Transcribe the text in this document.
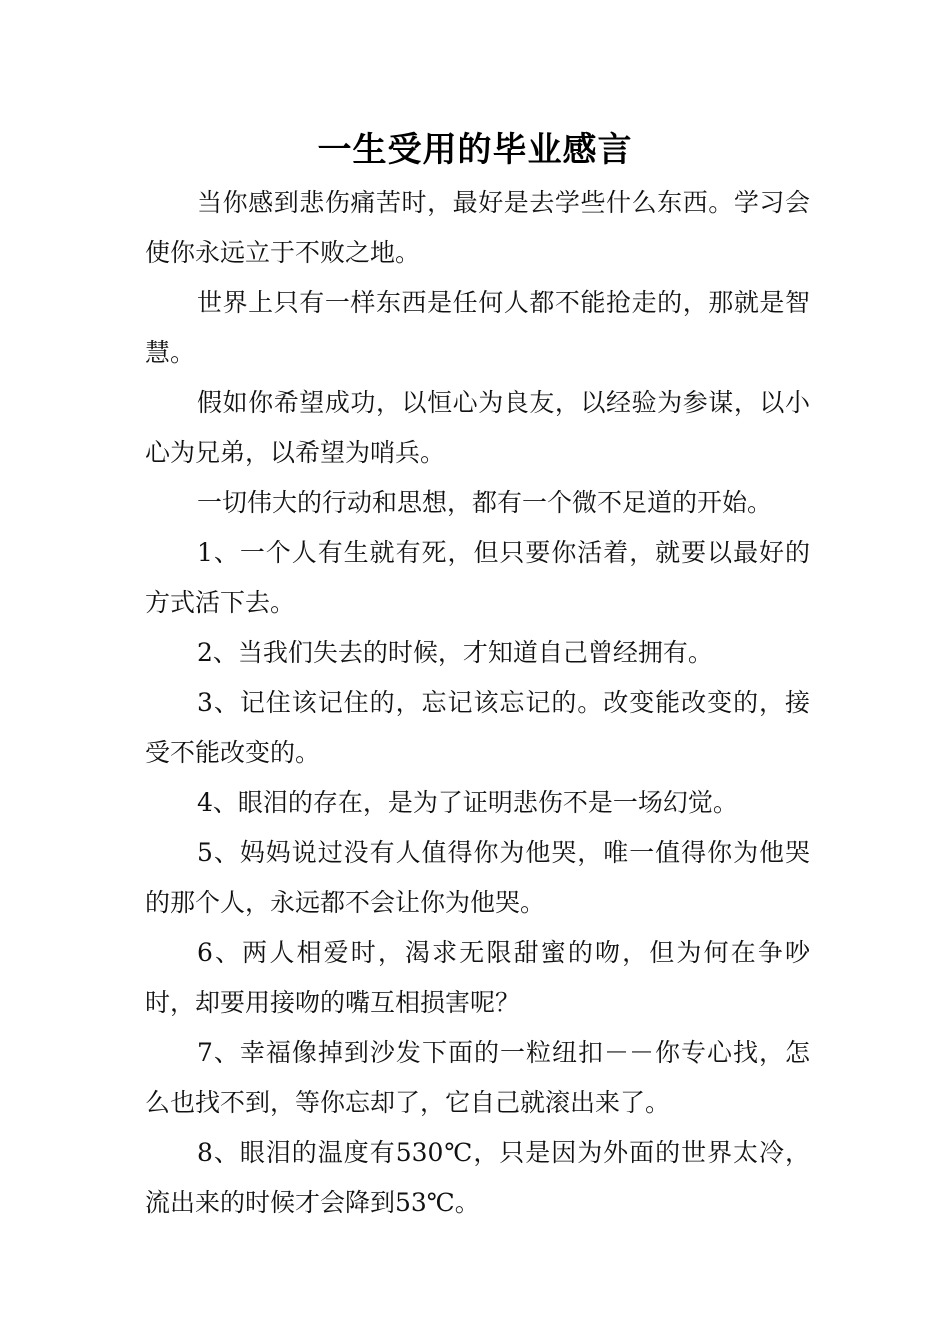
一生受用的毕业感言

当你感到悲伤痛苦时，最好是去学些什么东西。学习会使你永远立于不败之地。

世界上只有一样东西是任何人都不能抢走的，那就是智慧。

假如你希望成功，以恒心为良友，以经验为参谋，以小心为兄弟，以希望为哨兵。

一切伟大的行动和思想，都有一个微不足道的开始。

1、一个人有生就有死，但只要你活着，就要以最好的方式活下去。

2、当我们失去的时候，才知道自己曾经拥有。

3、记住该记住的，忘记该忘记的。改变能改变的，接受不能改变的。

4、眼泪的存在，是为了证明悲伤不是一场幻觉。

5、妈妈说过没有人值得你为他哭，唯一值得你为他哭的那个人，永远都不会让你为他哭。

6、两人相爱时，渴求无限甜蜜的吻，但为何在争吵时，却要用接吻的嘴互相损害呢？

7、幸福像掉到沙发下面的一粒纽扣－－你专心找，怎么也找不到，等你忘却了，它自己就滚出来了。

8、眼泪的温度有530℃，只是因为外面的世界太冷，流出来的时候才会降到53℃。
